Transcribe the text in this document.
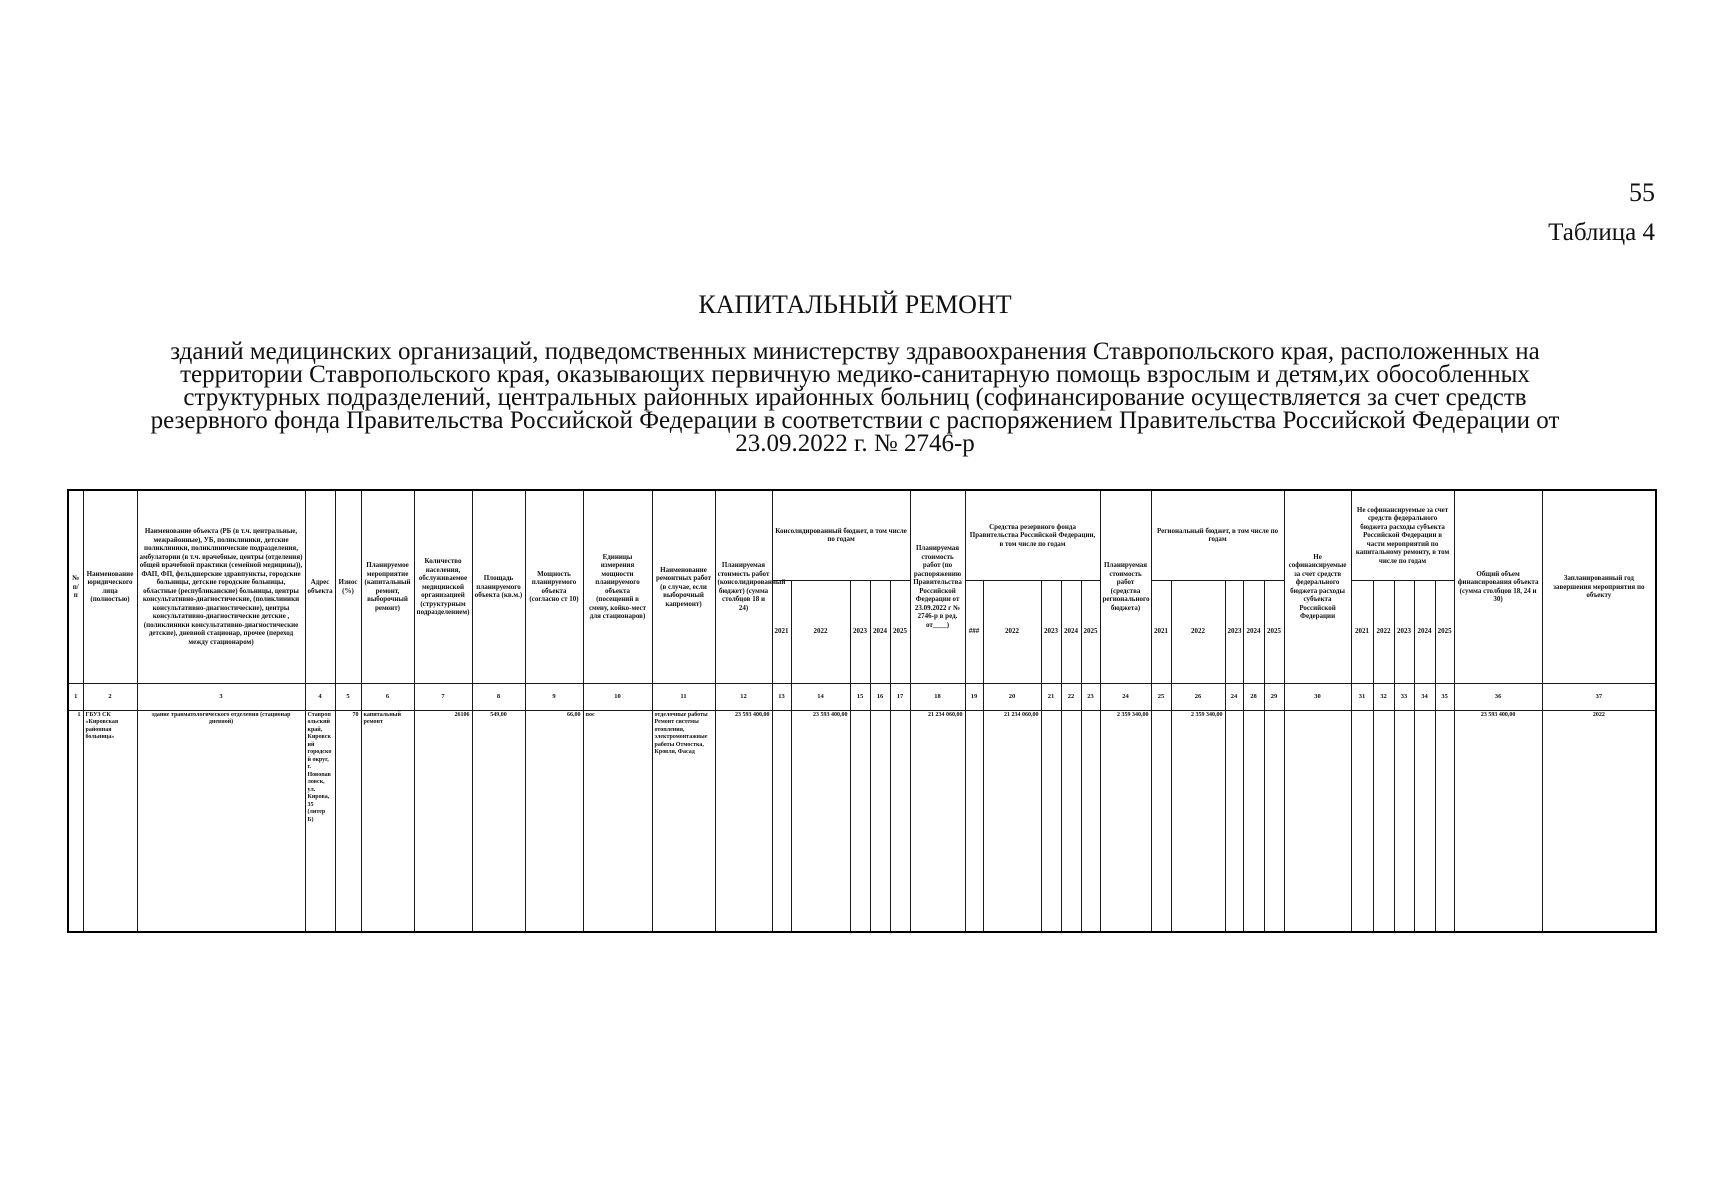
55
Таблица 4
КАПИТАЛЬНЫЙ РЕМОНТ
зданий медицинских организаций, подведомственных министерству здравоохранения Ставропольского края, расположенных на
территории Ставропольского края, оказывающих первичную медико-санитарную помощь взрослым и детям,их обособленных
структурных подразделений, центральных районных ирайонных больниц (софинансирование осуществляется за счет средств
резервного фонда Правительства Российской Федерации в соответствии с распоряжением Правительства Российской Федерации от
23.09.2022 г. № 2746-р
№ п/п	Наименование юридического лица (полностью)	Наименование объекта (РБ (в т.ч. центральные, межрайонные), УБ, поликлиники, детские поликлиники, поликлинические подразделения, амбулатории (в т.ч. врачебные, центры (отделения) общей врачебной практики (семейной медицины)), ФАП, ФП, фельдшерские здравпункты, городские больницы, детские городские больницы, областные (республиканские) больницы, центры консультативно-диагностические, (поликлиники консультативно-диагностические), центры консультативно-диагностические детские , (поликлиники консультативно-диагностические детские), дневной стационар, прочее (переход между стационаром)	Адрес объекта	Износ (%)	Планируемое мероприятие (капитальный ремонт, выборочный ремонт)	Количество населения, обслуживаемое медицинской организацией (структурным подразделением)	Площадь планируемого объекта (кв.м.)	Мощность планируемого объекта (согласно ст 10)	Единицы измерения мощности планируемого объекта (посещений в смену, койко-мест для стационаров)	Наименование ремонтных работ (в случае, если выборочный капремонт)	Планируемая стоимость работ (консолидированный бюджет) (сумма столбцов 18 и 24)	Консолидированный бюджет, в том числе по годам					Планируемая стоимость работ (по распоряжению Правительства Российской Федерации от 23.09.2022 г № 2746-р в ред. от____)	Средства резервного фонда Правительства Российской Федерации, в том числе по годам					Планируемая стоимость работ (средства регионального бюджета)	Региональный бюджет, в том числе по годам					Не софинансируемые за счет средств федерального бюджета расходы субъекта Российской Федерации	Не софинансируемые за счет средств федерального бюджета расходы субъекта Российской Федерации в части мероприятий по капитальному ремонту, в том числе по годам					Общий объем финансирования объекта (сумма столбцов 18, 24 и 30)	Запланированный год завершения мероприятия по объекту
												2021	2022	2023	2024	2025		###	2022	2023	2024	2025		2021	2022	2023	2024	2025		2021	2022	2023	2024	2025		
1	2	3	4	5	6	7	8	9	10	11	12	13	14	15	16	17	18	19	20	21	22	23	24	25	26	24	28	29	30	31	32	33	34	35	36	37
1	ГБУЗ СК «Кировская районная больница»	здание травматологического отделения (стационар дневной)	Ставропольский край, Кировский городской округ, г. Новопавловск, ул. Кирова, 35 (литер Б)	70	капитальный ремонт	26106	549,00	66,00	пос	отделочные работы Ремонт системы отопления, электромонтажные работы Отмостка, Кровля, Фасад	23 593 400,00		23 593 400,00				21 234 060,00		21 234 060,00				2 359 340,00		2 359 340,00										23 593 400,00	2022
